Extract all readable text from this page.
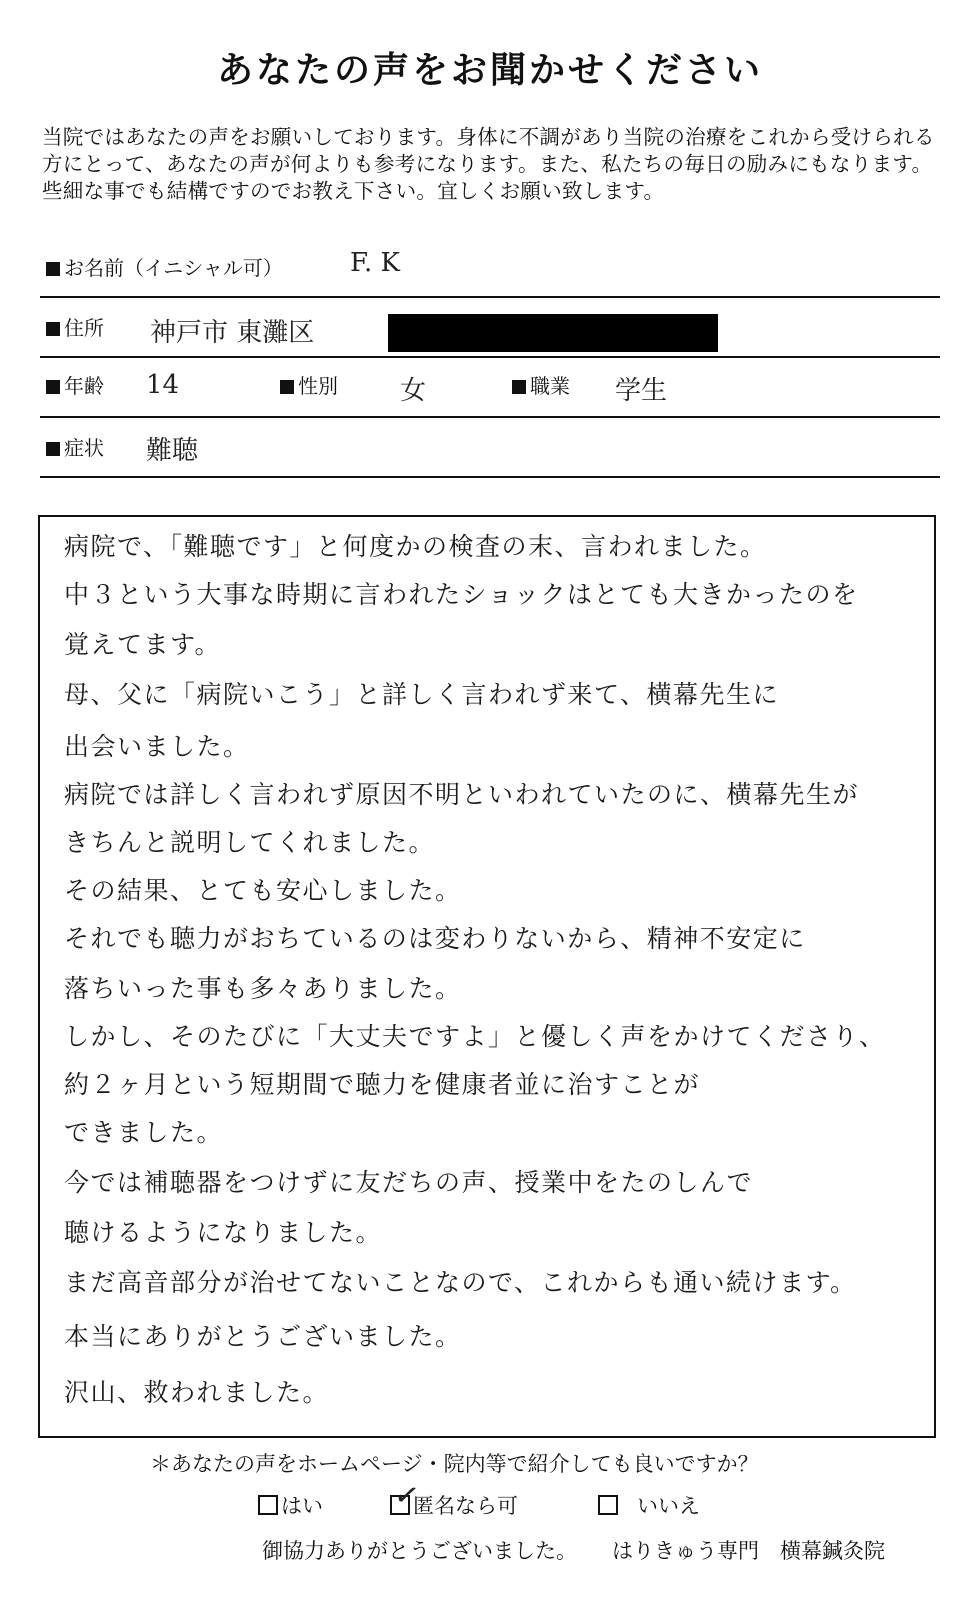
あなたの声をお聞かせください
当院ではあなたの声をお願いしております。身体に不調があり当院の治療をこれから受けられる方にとって、あなたの声が何よりも参考になります。また、私たちの毎日の励みにもなります。些細な事でも結構ですのでお教え下さい。宜しくお願い致します。
お名前（イニシャル可）	F. K
住所 神戸市 東灘区
年齢 14	性別 女	職業 学生
症状 難聴
病院で、「難聴です」と何度かの検査の末、言われました。
中３という大事な時期に言われたショックはとても大きかったのを
覚えてます。
母、父に「病院いこう」と詳しく言われず来て、横幕先生に
出会いました。
病院では詳しく言われず原因不明といわれていたのに、横幕先生が
きちんと説明してくれました。
その結果、とても安心しました。
それでも聴力がおちているのは変わりないから、精神不安定に
落ちいった事も多々ありました。
しかし、そのたびに「大丈夫ですよ」と優しく声をかけてくださり、
約２ヶ月という短期間で聴力を健康者並に治すことが
できました。
今では補聴器をつけずに友だちの声、授業中をたのしんで
聴けるようになりました。
まだ高音部分が治せてないことなので、これからも通い続けます。
本当にありがとうございました。
沢山、救われました。
＊あなたの声をホームページ・院内等で紹介しても良いですか？
はい ✓
匿名なら可	いいえ
御協力ありがとうございました。 はりきゅう専門　横幕鍼灸院
